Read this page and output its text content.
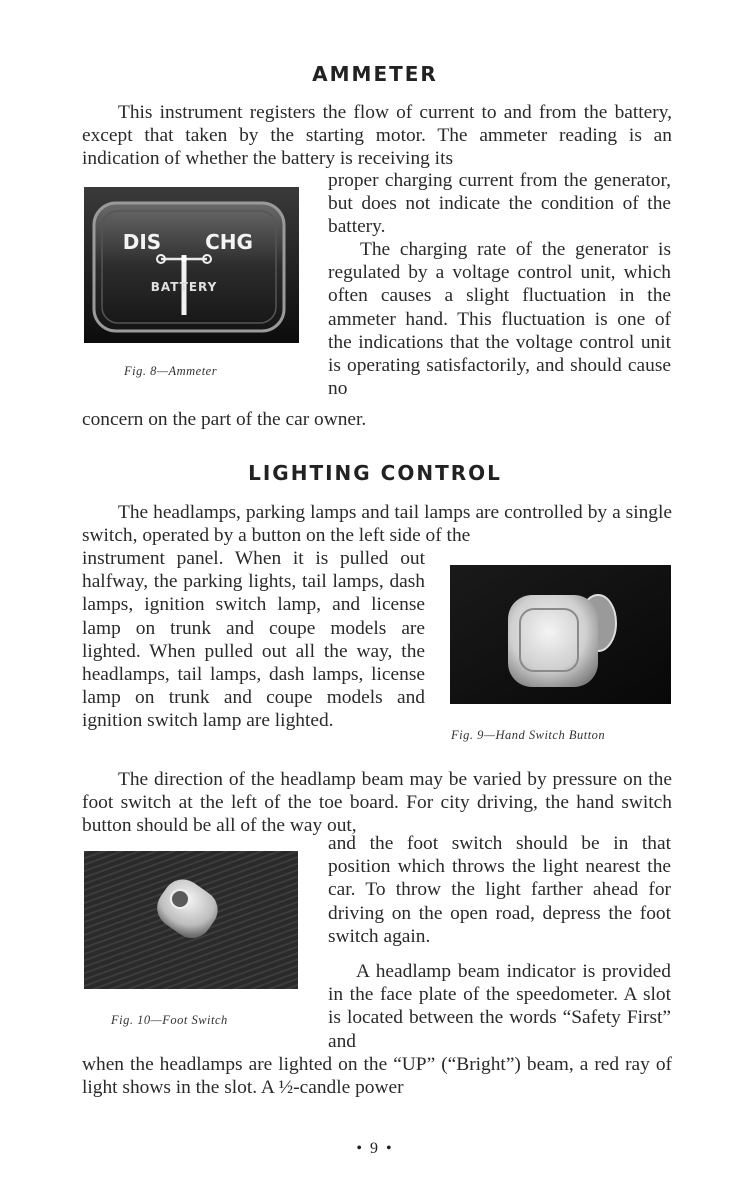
AMMETER

This instrument registers the flow of current to and from the battery, except that taken by the starting motor. The ammeter reading is an indication of whether the battery is receiving its

DIS CHG
BATTERY
Fig. 8—Ammeter

proper charging current from the generator, but does not indicate the condition of the battery.

The charging rate of the generator is regulated by a voltage control unit, which often causes a slight fluctuation in the ammeter hand. This fluctuation is one of the indications that the voltage control unit is operating satisfactorily, and should cause no

concern on the part of the car owner.

LIGHTING CONTROL

The headlamps, parking lamps and tail lamps are controlled by a single switch, operated by a button on the left side of the

instrument panel. When it is pulled out halfway, the parking lights, tail lamps, dash lamps, ignition switch lamp, and license lamp on trunk and coupe models are lighted. When pulled out all the way, the headlamps, tail lamps, dash lamps, license lamp on trunk and coupe models and ignition switch lamp are lighted.

Fig. 9—Hand Switch Button

The direction of the headlamp beam may be varied by pressure on the foot switch at the left of the toe board. For city driving, the hand switch button should be all of the way out,

Fig. 10—Foot Switch

and the foot switch should be in that position which throws the light nearest the car. To throw the light farther ahead for driving on the open road, depress the foot switch again.

A headlamp beam indicator is provided in the face plate of the speedometer. A slot is located between the words “Safety First” and

when the headlamps are lighted on the “UP” (“Bright”) beam, a red ray of light shows in the slot. A ½-candle power

• 9 •
